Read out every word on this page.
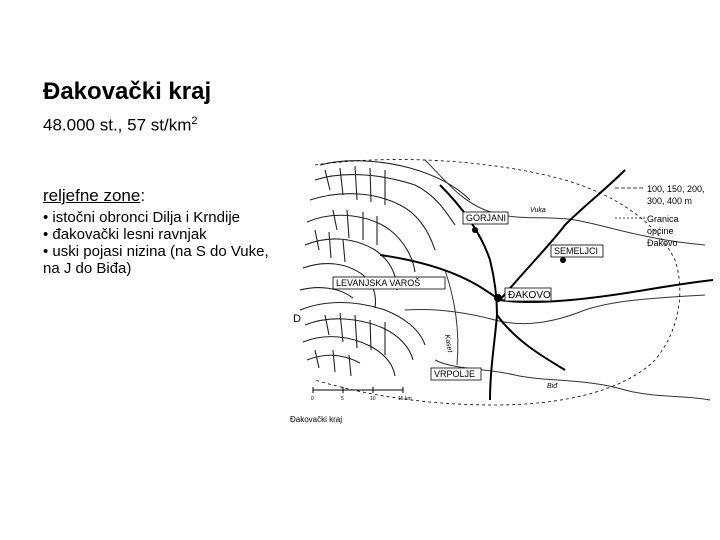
Đakovački kraj
48.000 st., 57 $st/km^2$
reljefne zone:
• istočni obronci Dilja i Krndije
• đakovački lesni ravnjak
• uski pojasi nizina (na S do Vuke, na J do Biđa)
GORJANI
SEMELJCI
LEVANJSKA VAROŠ
ĐAKOVO
VRPOLJE
D
Vuka
Biđ
Kaset
100, 150, 200,
300, 400 m
Granica
općine
Đakovo
0	5	10	15 km
Đakovački kraj
